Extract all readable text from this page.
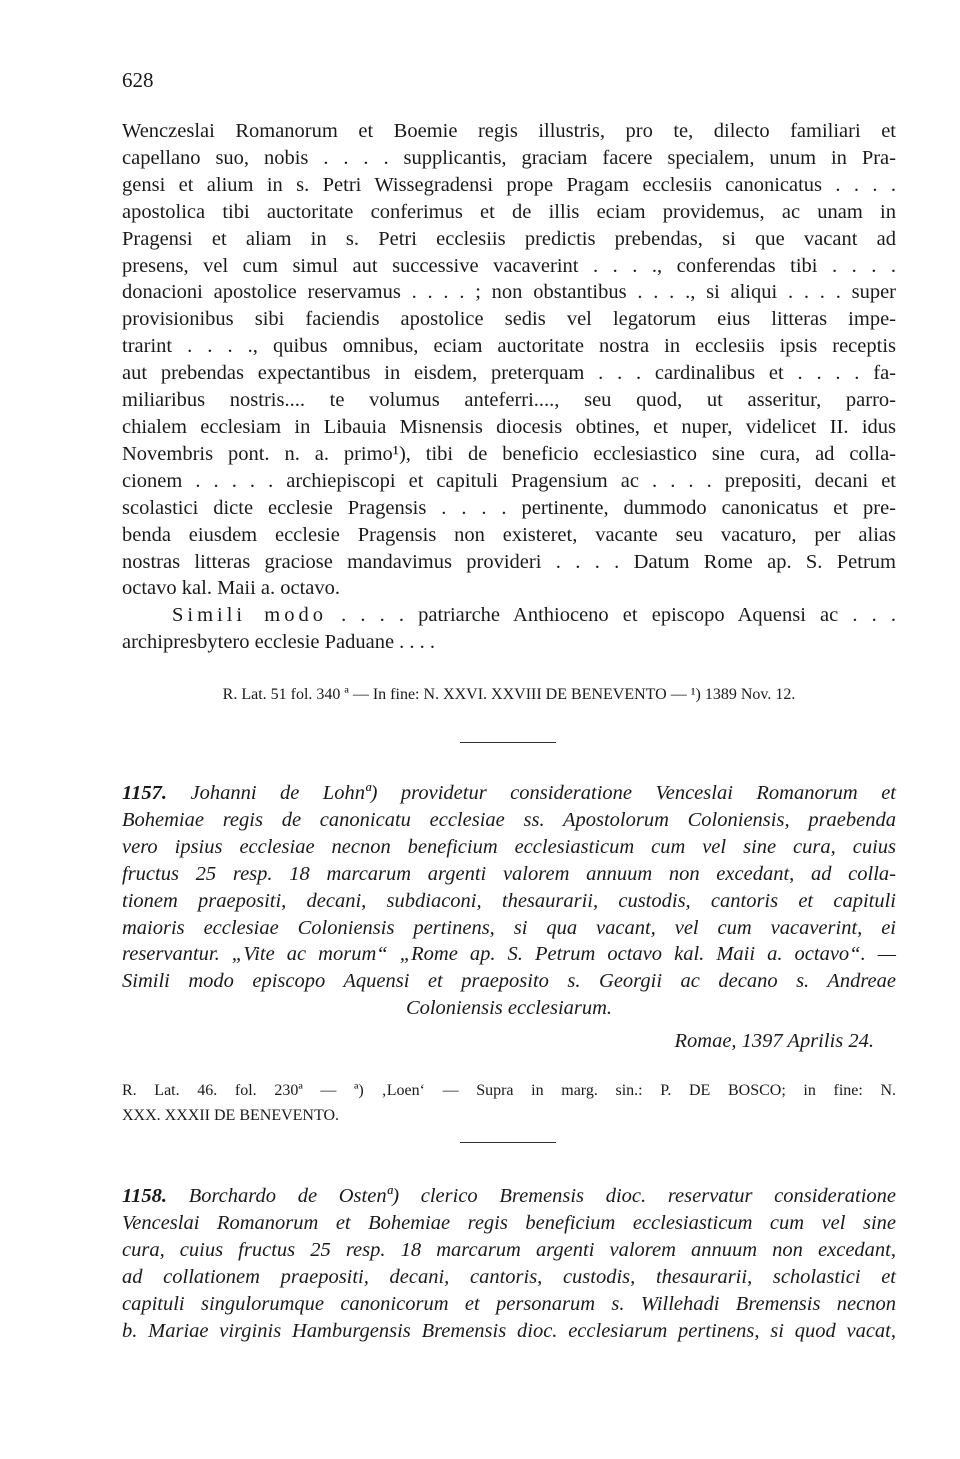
628
Wenczeslai Romanorum et Boemie regis illustris, pro te, dilecto familiari et
capellano suo, nobis . . . . supplicantis, graciam facere specialem, unum in Pra-
gensi et alium in s. Petri Wissegradensi prope Pragam ecclesiis canonicatus . . . .
apostolica tibi auctoritate conferimus et de illis eciam providemus, ac unam in
Pragensi et aliam in s. Petri ecclesiis predictis prebendas, si que vacant ad
presens, vel cum simul aut successive vacaverint . . . ., conferendas tibi . . . .
donacioni apostolice reservamus . . . . ; non obstantibus . . . ., si aliqui . . . . super
provisionibus sibi faciendis apostolice sedis vel legatorum eius litteras impe-
trarint . . . ., quibus omnibus, eciam auctoritate nostra in ecclesiis ipsis receptis
aut prebendas expectantibus in eisdem, preterquam . . . cardinalibus et . . . . fa-
miliaribus nostris.... te volumus anteferri...., seu quod, ut asseritur, parro-
chialem ecclesiam in Libauia Misnensis diocesis obtines, et nuper, videlicet II. idus
Novembris pont. n. a. primo¹), tibi de beneficio ecclesiastico sine cura, ad colla-
cionem . . . . . archiepiscopi et capituli Pragensium ac . . . . prepositi, decani et
scolastici dicte ecclesie Pragensis . . . . pertinente, dummodo canonicatus et pre-
benda eiusdem ecclesie Pragensis non existeret, vacante seu vacaturo, per alias
nostras litteras graciose mandavimus provideri . . . . Datum Rome ap. S. Petrum
octavo kal. Maii a. octavo.
Simili modo . . . . patriarche Anthioceno et episcopo Aquensi ac . . .
archipresbytero ecclesie Paduane . . . .
R. Lat. 51 fol. 340 ª — In fine: N. XXVI. XXVIII DE BENEVENTO — ¹) 1389 Nov. 12.
1157. Johanni de Lohnª) providetur consideratione Venceslai Romanorum et
Bohemiae regis de canonicatu ecclesiae ss. Apostolorum Coloniensis, praebenda
vero ipsius ecclesiae necnon beneficium ecclesiasticum cum vel sine cura, cuius
fructus 25 resp. 18 marcarum argenti valorem annuum non excedant, ad colla-
tionem praepositi, decani, subdiaconi, thesaurarii, custodis, cantoris et capituli
maioris ecclesiae Coloniensis pertinens, si qua vacant, vel cum vacaverint, ei
reservantur. „Vite ac morum“ „Rome ap. S. Petrum octavo kal. Maii a. octavo“. —
Simili modo episcopo Aquensi et praeposito s. Georgii ac decano s. Andreae
Coloniensis ecclesiarum.
Romae, 1397 Aprilis 24.
R. Lat. 46. fol. 230ª — ª) ‚Loen‘ — Supra in marg. sin.: P. DE BOSCO; in fine: N.
XXX. XXXII DE BENEVENTO.
1158. Borchardo de Ostenª) clerico Bremensis dioc. reservatur consideratione
Venceslai Romanorum et Bohemiae regis beneficium ecclesiasticum cum vel sine
cura, cuius fructus 25 resp. 18 marcarum argenti valorem annuum non excedant,
ad collationem praepositi, decani, cantoris, custodis, thesaurarii, scholastici et
capituli singulorumque canonicorum et personarum s. Willehadi Bremensis necnon
b. Mariae virginis Hamburgensis Bremensis dioc. ecclesiarum pertinens, si quod vacat,
